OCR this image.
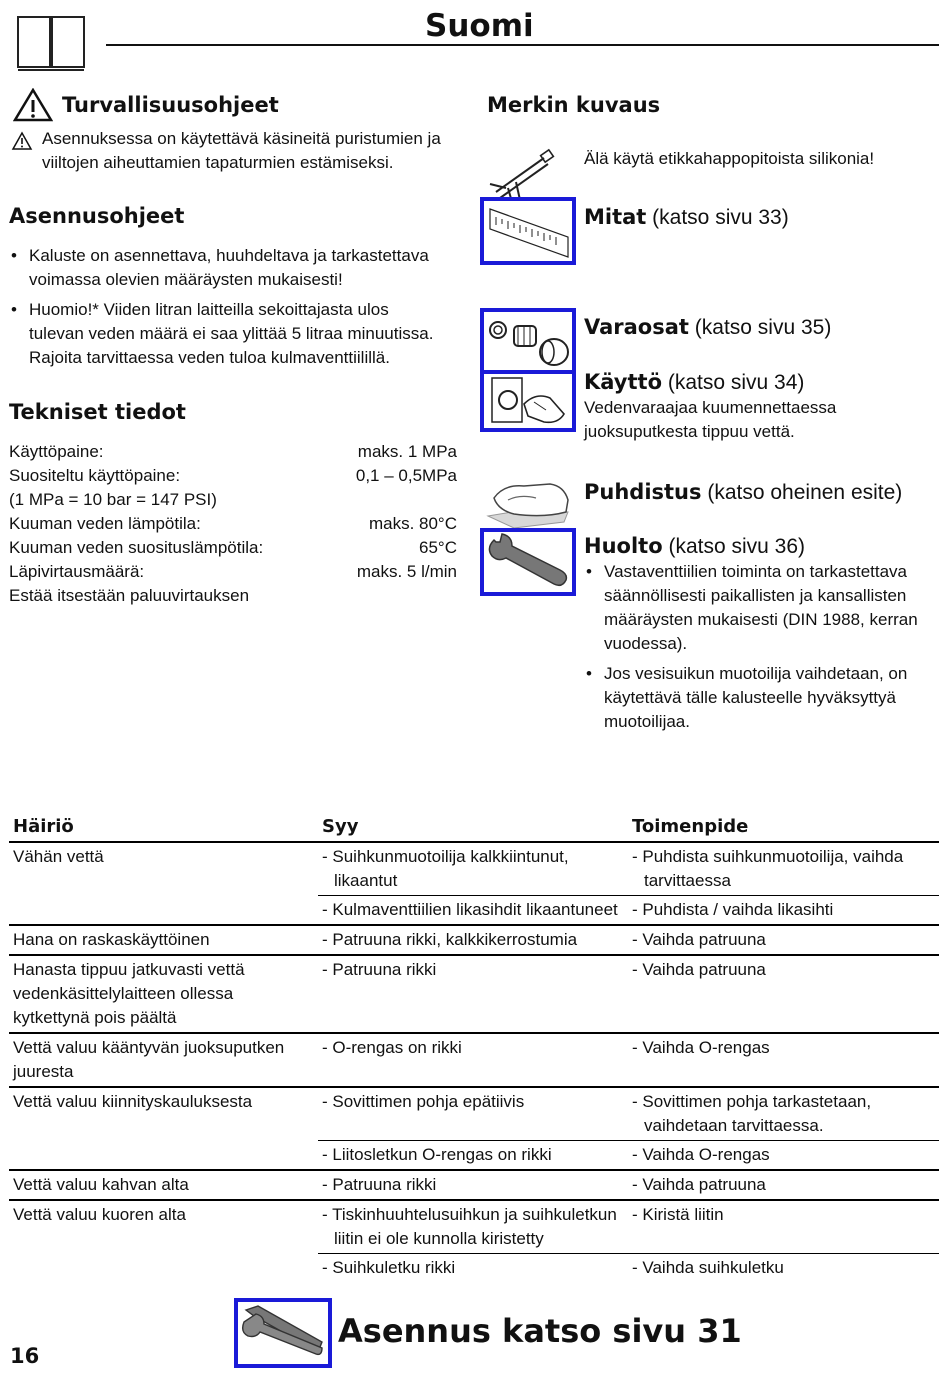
Suomi
Turvallisuusohjeet
Asennuksessa on käytettävä käsineitä puristumien ja
viiltojen aiheuttamien tapaturmien estämiseksi.
Asennusohjeet
• Kaluste on asennettava, huuhdeltava ja tarkastettava
voimassa olevien määräysten mukaisesti!
• Huomio!* Viiden litran laitteilla sekoittajasta ulos
tulevan veden määrä ei saa ylittää 5 litraa minuutissa.
Rajoita tarvittaessa veden tuloa kulmaventtiilillä.
Tekniset tiedot
Käyttöpaine:	maks. 1 MPa
Suositeltu käyttöpaine:	0,1 – 0,5MPa
(1 MPa = 10 bar = 147 PSI)
Kuuman veden lämpötila:	maks. 80°C
Kuuman veden suosituslämpötila:	65°C
Läpivirtausmäärä:	maks. 5 l/min
Estää itsestään paluuvirtauksen
Merkin kuvaus
Älä käytä etikkahappopitoista silikonia!
Mitat (katso sivu 33)
Varaosat (katso sivu 35)
Käyttö (katso sivu 34)
Vedenvaraajaa kuumennettaessa
juoksuputkesta tippuu vettä.
Puhdistus (katso oheinen esite)
Huolto (katso sivu 36)
• Vastaventtiilien toiminta on tarkastettava
säännöllisesti paikallisten ja kansallisten
määräysten mukaisesti (DIN 1988, kerran
vuodessa).
• Jos vesisuikun muotoilija vaihdetaan, on
käytettävä tälle kalusteelle hyväksyttyä
muotoilijaa.
Häiriö	Syy	Toimenpide
Vähän vettä	- Suihkunmuotoilija kalkkiintunut, likaantut	- Puhdista suihkunmuotoilija, vaihda tarvittaessa

	- Kulmaventtiilien likasihdit likaantuneet	- Puhdista / vaihda likasihti

Hana on raskaskäyttöinen	- Patruuna rikki, kalkkikerrostumia	- Vaihda patruuna

Hanasta tippuu jatkuvasti vettä vedenkäsittelylaitteen ollessa kytkettynä pois päältä	- Patruuna rikki	- Vaihda patruuna

Vettä valuu kääntyvän juoksuputken juuresta	- O-rengas on rikki	- Vaihda O-rengas

Vettä valuu kiinnityskauluksesta	- Sovittimen pohja epätiivis	- Sovittimen pohja tarkastetaan, vaihdetaan tarvittaessa.

	- Liitosletkun O-rengas on rikki	- Vaihda O-rengas

Vettä valuu kahvan alta	- Patruuna rikki	- Vaihda patruuna

Vettä valuu kuoren alta	- Tiskinhuuhtelusuihkun ja suihkuletkun liitin ei ole kunnolla kiristetty	- Kiristä liitin

	- Suihkuletku rikki	- Vaihda suihkuletku
16
Asennus katso sivu 31
